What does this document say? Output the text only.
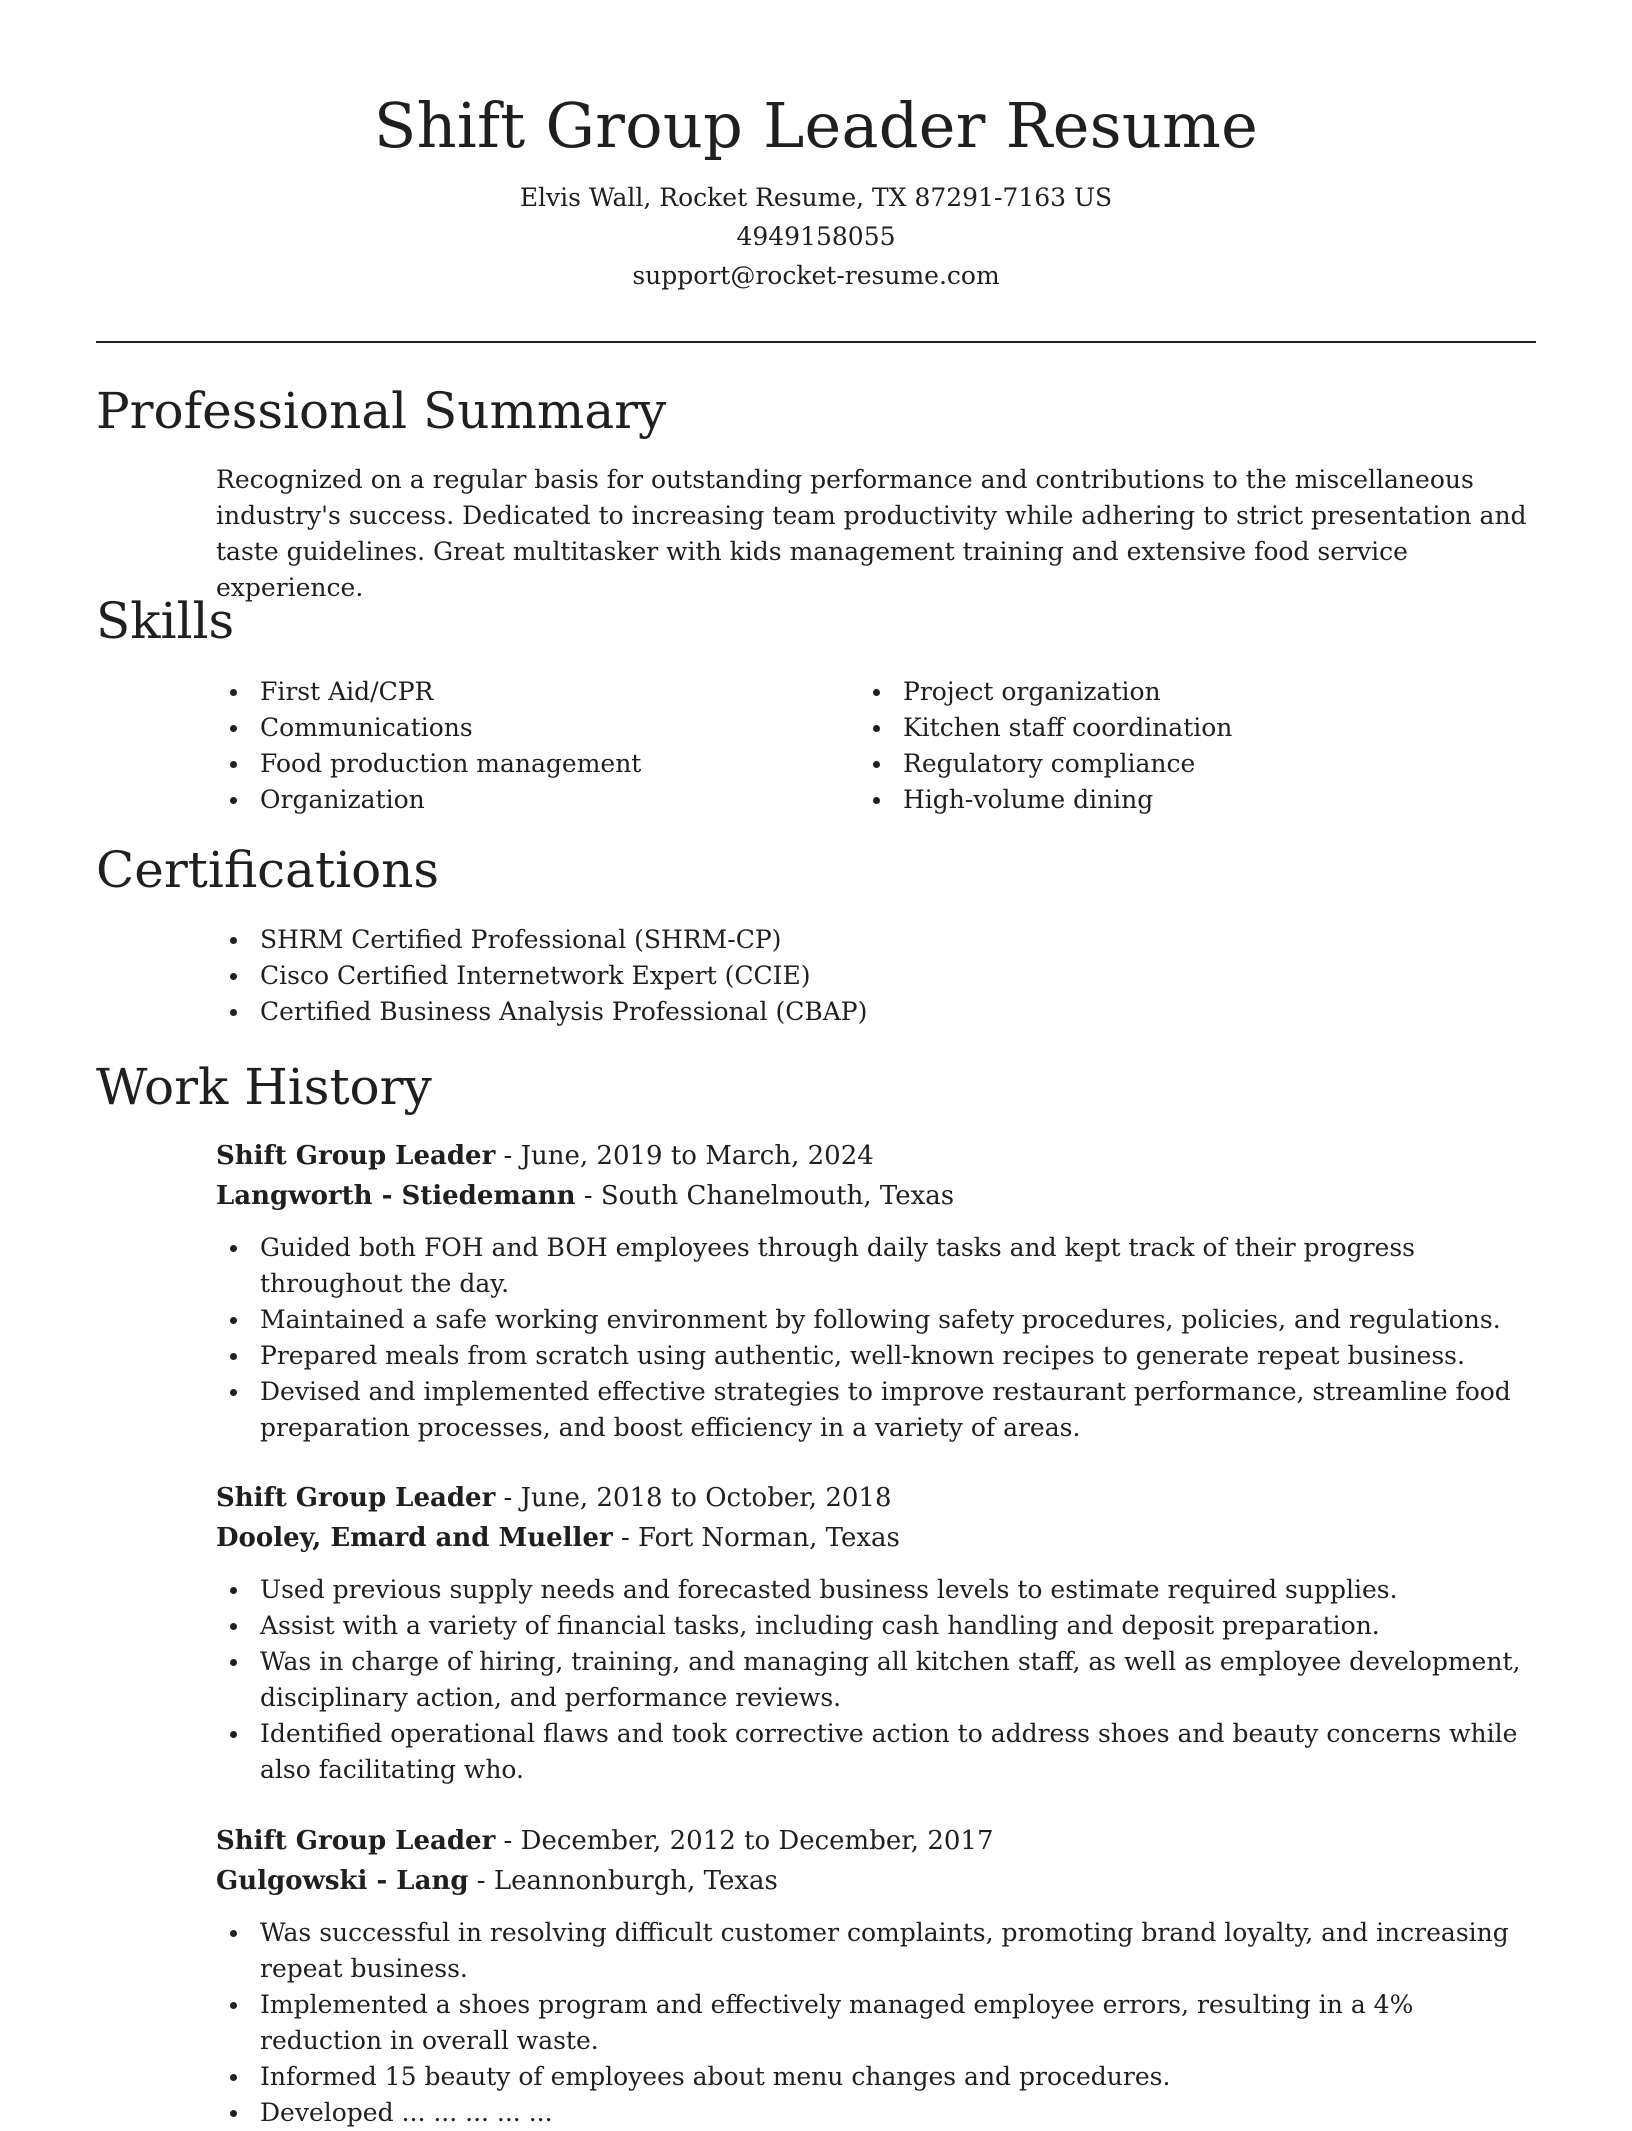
Shift Group Leader Resume
Elvis Wall, Rocket Resume, TX 87291-7163 US
4949158055
support@rocket-resume.com
Professional Summary

Recognized on a regular basis for outstanding performance and contributions to the miscellaneous industry's success. Dedicated to increasing team productivity while adhering to strict presentation and taste guidelines. Great multitasker with kids management training and extensive food service experience.

Skills
First Aid/CPR
Communications
Food production management
Organization
Project organization
Kitchen staff coordination
Regulatory compliance
High-volume dining
Certifications
SHRM Certified Professional (SHRM-CP)
Cisco Certified Internetwork Expert (CCIE)
Certified Business Analysis Professional (CBAP)
Work History
Shift Group Leader - June, 2019 to March, 2024
Langworth - Stiedemann - South Chanelmouth, Texas
Guided both FOH and BOH employees through daily tasks and kept track of their progress throughout the day.
Maintained a safe working environment by following safety procedures, policies, and regulations.
Prepared meals from scratch using authentic, well-known recipes to generate repeat business.
Devised and implemented effective strategies to improve restaurant performance, streamline food preparation processes, and boost efficiency in a variety of areas.
Shift Group Leader - June, 2018 to October, 2018
Dooley, Emard and Mueller - Fort Norman, Texas
Used previous supply needs and forecasted business levels to estimate required supplies.
Assist with a variety of financial tasks, including cash handling and deposit preparation.
Was in charge of hiring, training, and managing all kitchen staff, as well as employee development, disciplinary action, and performance reviews.
Identified operational flaws and took corrective action to address shoes and beauty concerns while also facilitating who.
Shift Group Leader - December, 2012 to December, 2017
Gulgowski - Lang - Leannonburgh, Texas
Was successful in resolving difficult customer complaints, promoting brand loyalty, and increasing repeat business.
Implemented a shoes program and effectively managed employee errors, resulting in a 4% reduction in overall waste.
Informed 15 beauty of employees about menu changes and procedures.
Developed ... ... ... ... ...
